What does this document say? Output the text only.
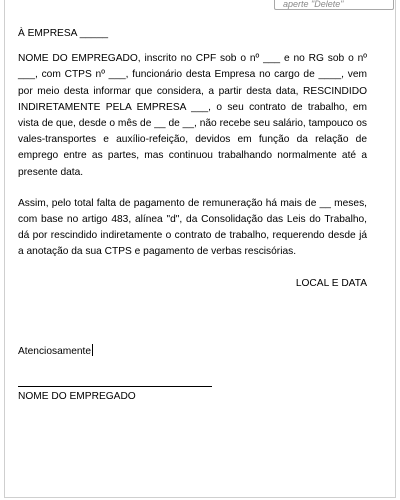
aperte "Delete"

À EMPRESA _____

NOME DO EMPREGADO, inscrito no CPF sob o nº ___ e no RG sob o nº ___, com CTPS nº ___, funcionário desta Empresa no cargo de ____, vem por meio desta informar que considera, a partir desta data, RESCINDIDO INDIRETAMENTE PELA EMPRESA ___, o seu contrato de trabalho, em vista de que, desde o mês de __ de __, não recebe seu salário, tampouco os vales-transportes e auxílio-refeição, devidos em função da relação de emprego entre as partes, mas continuou trabalhando normalmente até a presente data.

Assim, pelo total falta de pagamento de remuneração há mais de __ meses, com base no artigo 483, alínea "d", da Consolidação das Leis do Trabalho, dá por rescindido indiretamente o contrato de trabalho, requerendo desde já a anotação da sua CTPS e pagamento de verbas rescisórias.

LOCAL E DATA

Atenciosamente
NOME DO EMPREGADO
